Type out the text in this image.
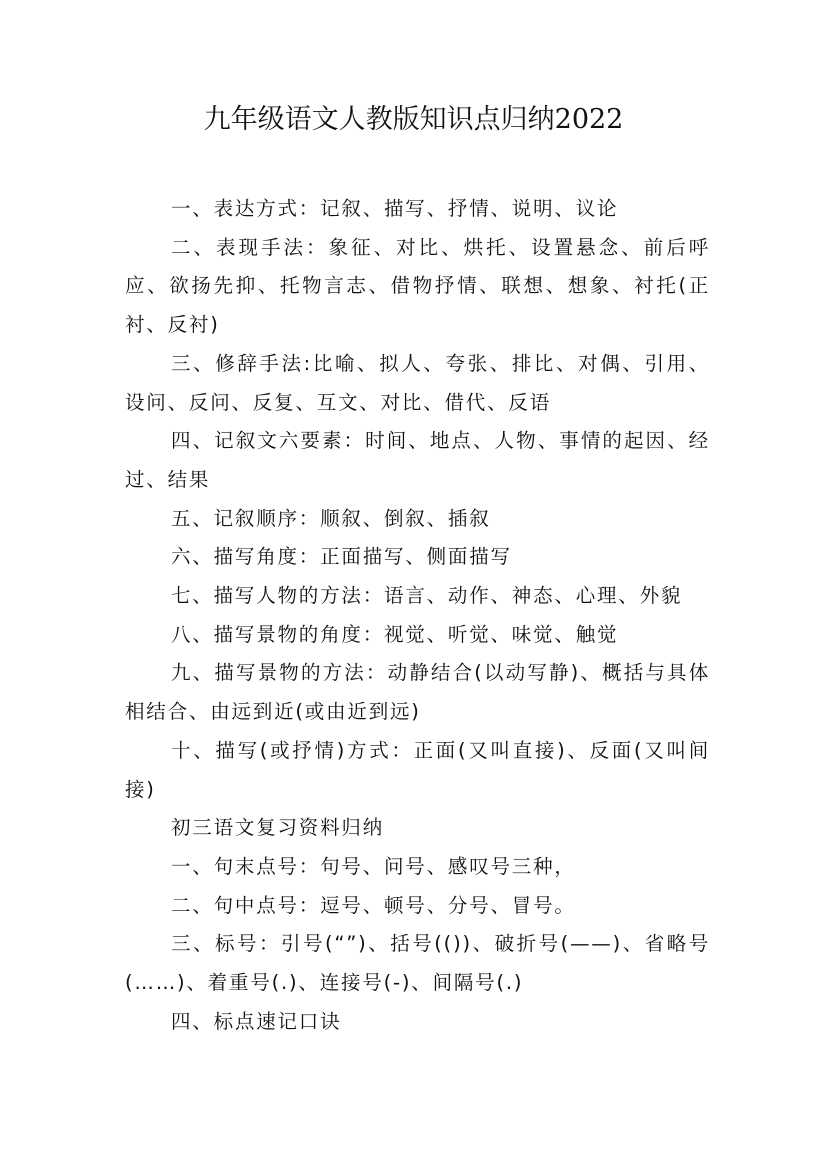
九年级语文人教版知识点归纳2022

一、表达方式：记叙、描写、抒情、说明、议论

二、表现手法：象征、对比、烘托、设置悬念、前后呼应、欲扬先抑、托物言志、借物抒情、联想、想象、衬托(正衬、反衬)

三、修辞手法:比喻、拟人、夸张、排比、对偶、引用、设问、反问、反复、互文、对比、借代、反语

四、记叙文六要素：时间、地点、人物、事情的起因、经过、结果

五、记叙顺序：顺叙、倒叙、插叙

六、描写角度：正面描写、侧面描写

七、描写人物的方法：语言、动作、神态、心理、外貌

八、描写景物的角度：视觉、听觉、味觉、触觉

九、描写景物的方法：动静结合(以动写静)、概括与具体相结合、由远到近(或由近到远)

十、描写(或抒情)方式：正面(又叫直接)、反面(又叫间接)

初三语文复习资料归纳

一、句末点号：句号、问号、感叹号三种，

二、句中点号：逗号、顿号、分号、冒号。

三、标号：引号(“”)、括号(())、破折号(——)、省略号(……)、着重号(.)、连接号(-)、间隔号(.)

四、标点速记口诀
